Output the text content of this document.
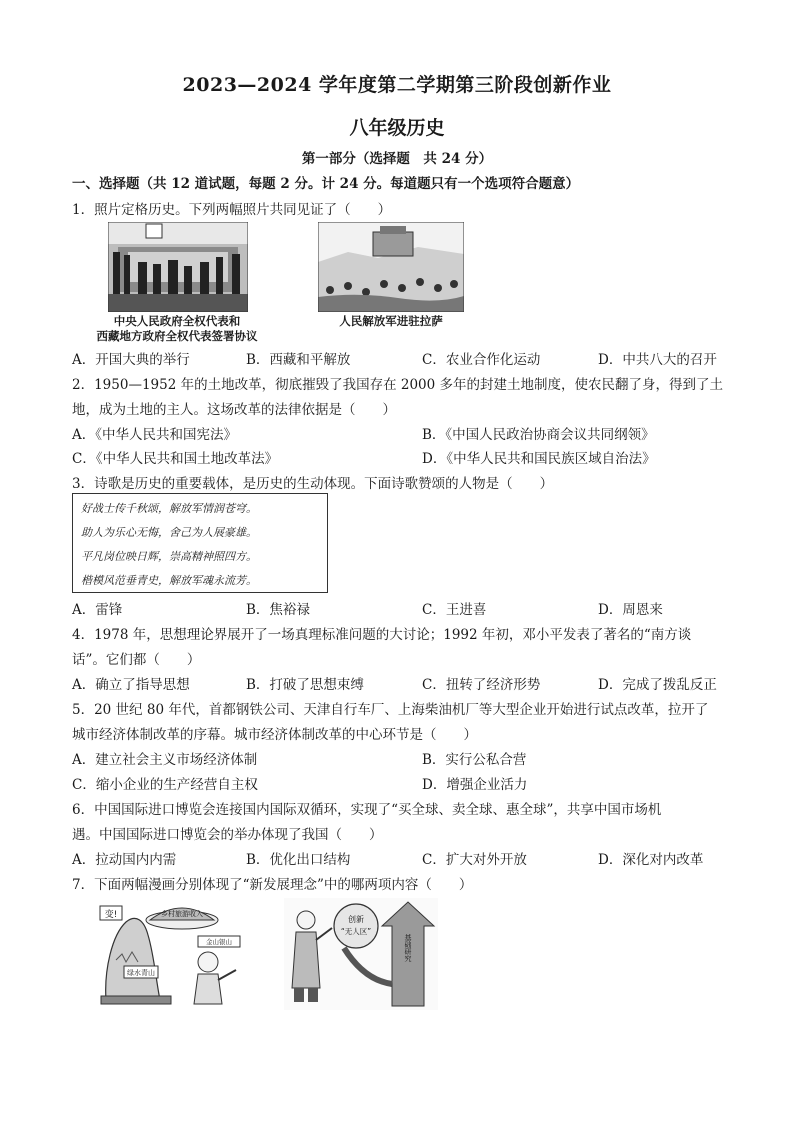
2023—2024 学年度第二学期第三阶段创新作业
八年级历史
第一部分（选择题　共 24 分）
一、选择题（共 12 道试题，每题 2 分。计 24 分。每道题只有一个选项符合题意）
1．照片定格历史。下列两幅照片共同见证了（　　）
中央人民政府全权代表和
西藏地方政府全权代表签署协议
人民解放军进驻拉萨
A．开国大典的举行	B．西藏和平解放	C．农业合作化运动	D．中共八大的召开
2．1950—1952 年的土地改革，彻底摧毁了我国存在 2000 多年的封建土地制度，使农民翻了身，得到了土
地，成为土地的主人。这场改革的法律依据是（　　）
A．《中华人民共和国宪法》	B．《中国人民政治协商会议共同纲领》
C．《中华人民共和国土地改革法》	D．《中华人民共和国民族区域自治法》
3．诗歌是历史的重要载体，是历史的生动体现。下面诗歌赞颂的人物是（　　）
好战士传千秋颂，解放军情润苍穹。
助人为乐心无悔，舍己为人展豪雄。
平凡岗位映日辉，崇高精神照四方。
楷模风范垂青史，解放军魂永流芳。
A．雷锋	B．焦裕禄	C．王进喜	D．周恩来
4．1978 年，思想理论界展开了一场真理标准问题的大讨论；1992 年初，邓小平发表了著名的“南方谈
话”。它们都（　　）
A．确立了指导思想	B．打破了思想束缚	C．扭转了经济形势	D．完成了拨乱反正
5．20 世纪 80 年代，首都钢铁公司、天津自行车厂、上海柴油机厂等大型企业开始进行试点改革，拉开了
城市经济体制改革的序幕。城市经济体制改革的中心环节是（　　）
A．建立社会主义市场经济体制	B．实行公私合营
C．缩小企业的生产经营自主权	D．增强企业活力
6．中国国际进口博览会连接国内国际双循环，实现了“买全球、卖全球、惠全球”，共享中国市场机
遇。中国国际进口博览会的举办体现了我国（　　）
A．拉动国内内需	B．优化出口结构	C．扩大对外开放	D．深化对内改革
7．下面两幅漫画分别体现了“新发展理念”中的哪两项内容（　　）
变!	乡村旅游收入
金山银山
绿水青山
基础研究
创新
“无人区”
